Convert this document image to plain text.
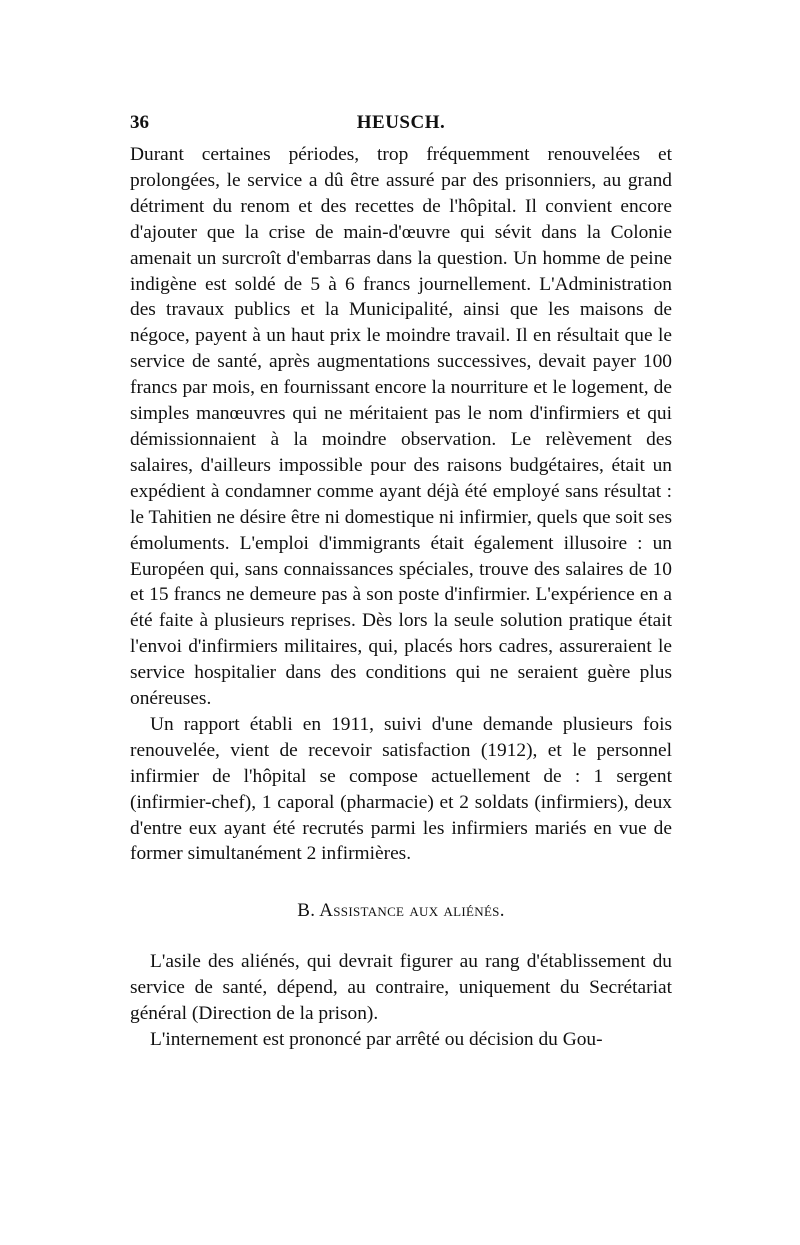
36	HEUSCH.

Durant certaines périodes, trop fréquemment renouvelées et prolongées, le service a dû être assuré par des prisonniers, au grand détriment du renom et des recettes de l'hôpital. Il convient encore d'ajouter que la crise de main-d'œuvre qui sévit dans la Colonie amenait un surcroît d'embarras dans la question. Un homme de peine indigène est soldé de 5 à 6 francs journellement. L'Administration des travaux publics et la Municipalité, ainsi que les maisons de négoce, payent à un haut prix le moindre travail. Il en résultait que le service de santé, après augmentations successives, devait payer 100 francs par mois, en fournissant encore la nourriture et le logement, de simples manœuvres qui ne méritaient pas le nom d'infirmiers et qui démissionnaient à la moindre observation. Le relèvement des salaires, d'ailleurs impossible pour des raisons budgétaires, était un expédient à condamner comme ayant déjà été employé sans résultat : le Tahitien ne désire être ni domestique ni infirmier, quels que soit ses émoluments. L'emploi d'immigrants était également illusoire : un Européen qui, sans connaissances spéciales, trouve des salaires de 10 et 15 francs ne demeure pas à son poste d'infirmier. L'expérience en a été faite à plusieurs reprises. Dès lors la seule solution pratique était l'envoi d'infirmiers militaires, qui, placés hors cadres, assureraient le service hospitalier dans des conditions qui ne seraient guère plus onéreuses.

Un rapport établi en 1911, suivi d'une demande plusieurs fois renouvelée, vient de recevoir satisfaction (1912), et le personnel infirmier de l'hôpital se compose actuellement de : 1 sergent (infirmier-chef), 1 caporal (pharmacie) et 2 soldats (infirmiers), deux d'entre eux ayant été recrutés parmi les infirmiers mariés en vue de former simultanément 2 infirmières.

B. Assistance aux aliénés.

L'asile des aliénés, qui devrait figurer au rang d'établissement du service de santé, dépend, au contraire, uniquement du Secrétariat général (Direction de la prison).

L'internement est prononcé par arrêté ou décision du Gou-
